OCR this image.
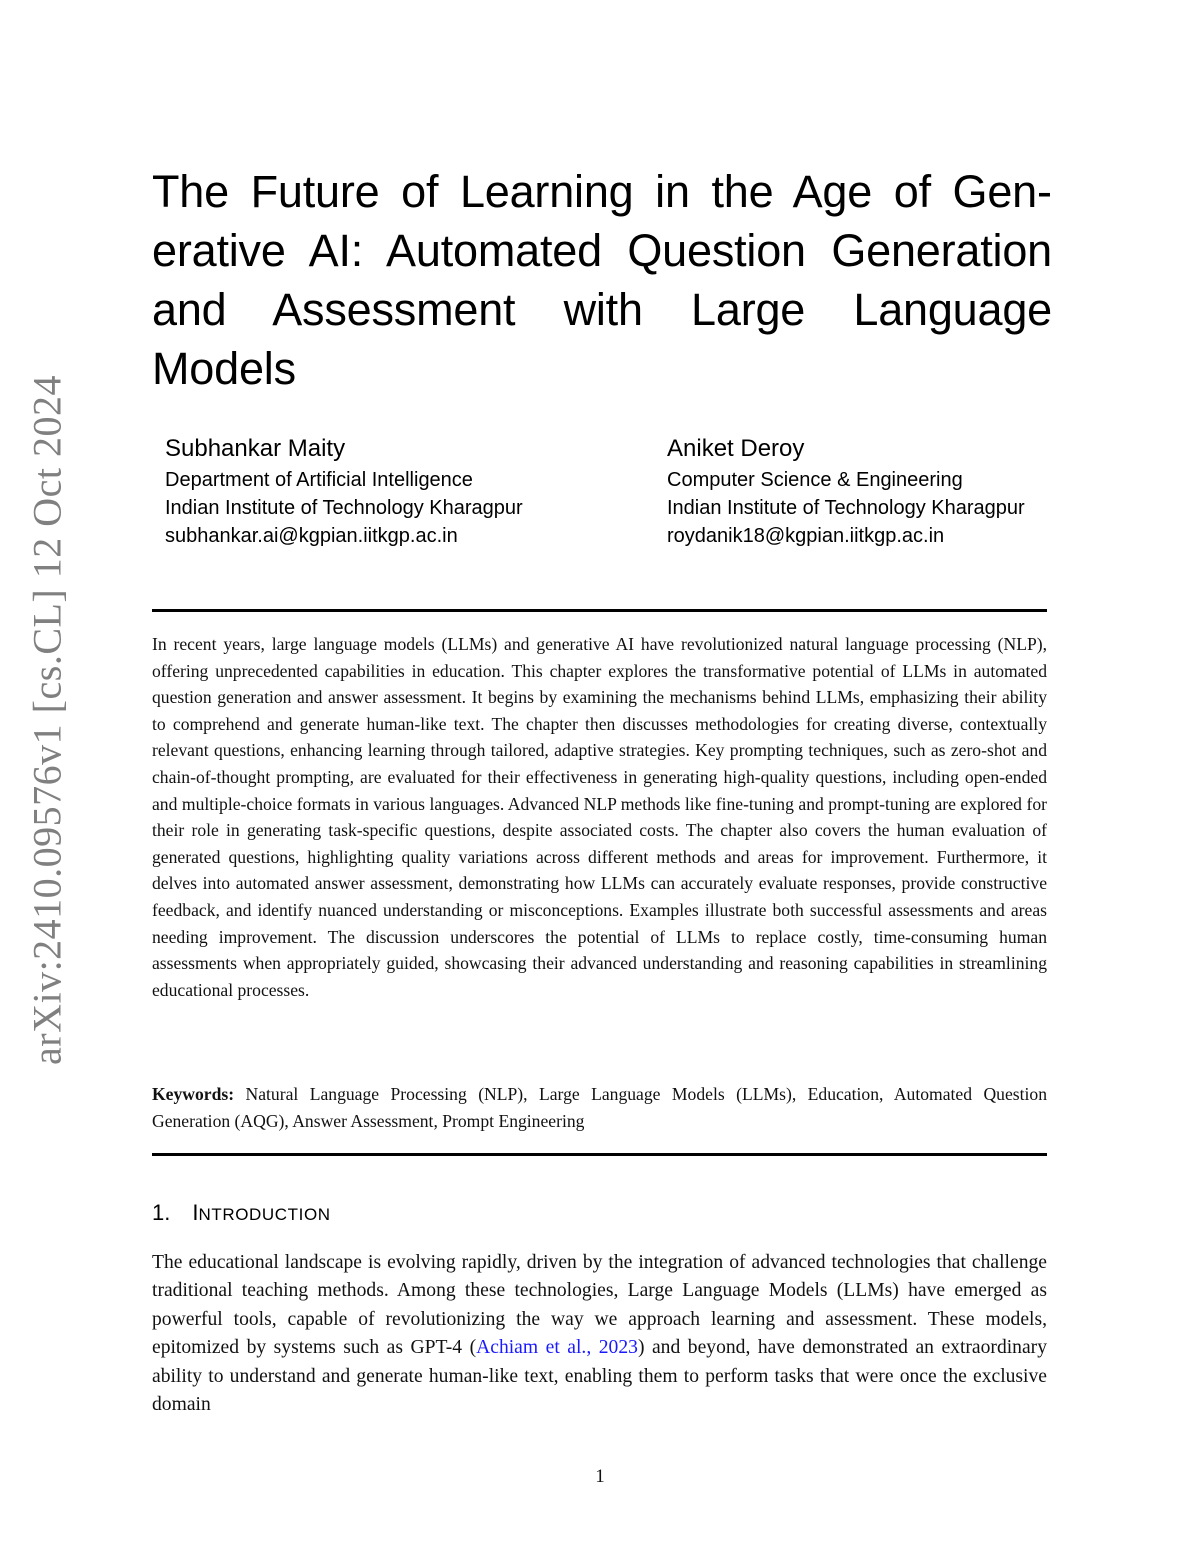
arXiv:2410.09576v1 [cs.CL] 12 Oct 2024
The Future of Learning in the Age of Generative AI: Automated Question Generation and Assessment with Large Language Models
Subhankar Maity
Department of Artificial Intelligence
Indian Institute of Technology Kharagpur
subhankar.ai@kgpian.iitkgp.ac.in
Aniket Deroy
Computer Science & Engineering
Indian Institute of Technology Kharagpur
roydanik18@kgpian.iitkgp.ac.in

In recent years, large language models (LLMs) and generative AI have revolutionized natural language processing (NLP), offering unprecedented capabilities in education. This chapter explores the transformative potential of LLMs in automated question generation and answer assessment. It begins by examining the mechanisms behind LLMs, emphasizing their ability to comprehend and generate human-like text. The chapter then discusses methodologies for creating diverse, contextually relevant questions, enhancing learning through tailored, adaptive strategies. Key prompting techniques, such as zero-shot and chain-of-thought prompting, are evaluated for their effectiveness in generating high-quality questions, including open-ended and multiple-choice formats in various languages. Advanced NLP methods like fine-tuning and prompt-tuning are explored for their role in generating task-specific questions, despite associated costs. The chapter also covers the human evaluation of generated questions, highlighting quality variations across different methods and areas for improvement. Furthermore, it delves into automated answer assessment, demonstrating how LLMs can accurately evaluate responses, provide constructive feedback, and identify nuanced understanding or misconceptions. Examples illustrate both successful assessments and areas needing improvement. The discussion underscores the potential of LLMs to replace costly, time-consuming human assessments when appropriately guided, showcasing their advanced understanding and reasoning capabilities in streamlining educational processes.

Keywords: Natural Language Processing (NLP), Large Language Models (LLMs), Education, Automated Question Generation (AQG), Answer Assessment, Prompt Engineering

1. INTRODUCTION

The educational landscape is evolving rapidly, driven by the integration of advanced technologies that challenge traditional teaching methods. Among these technologies, Large Language Models (LLMs) have emerged as powerful tools, capable of revolutionizing the way we approach learning and assessment. These models, epitomized by systems such as GPT-4 (Achiam et al., 2023) and beyond, have demonstrated an extraordinary ability to understand and generate human-like text, enabling them to perform tasks that were once the exclusive domain

1
